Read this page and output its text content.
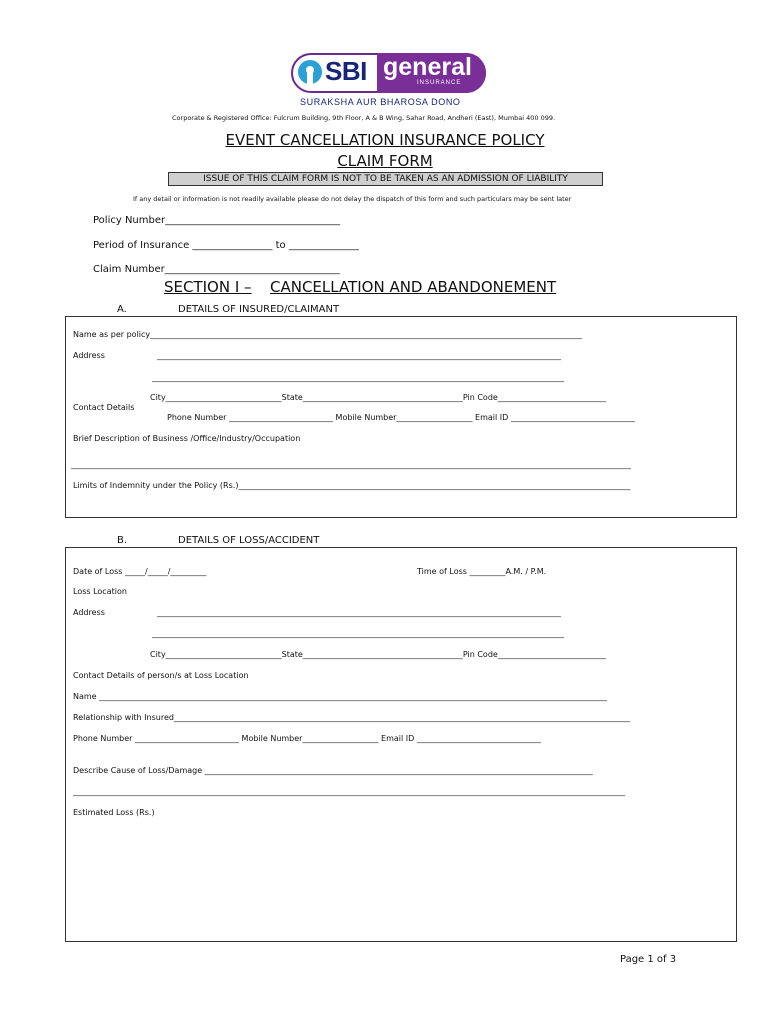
SBI general
INSURANCE
SURAKSHA AUR BHAROSA DONO
Corporate & Registered Office: Fulcrum Building, 9th Floor, A & B Wing, Sahar Road, Andheri (East), Mumbai 400 099.
EVENT CANCELLATION INSURANCE POLICY
CLAIM FORM
ISSUE OF THIS CLAIM FORM IS NOT TO BE TAKEN AS AN ADMISSION OF LIABILITY
If any detail or information is not readily available please do not delay the dispatch of this form and such particulars may be sent later
Policy Number___________________________________
Period of Insurance ________________ to ______________
Claim Number___________________________________
SECTION I – CANCELLATION AND ABANDONEMENT
A.	DETAILS OF INSURED/CLAIMANT
Name as per policy____________________________________________________________________________________________________________
Address	_____________________________________________________________________________________________________
_______________________________________________________________________________________________________
City_____________________________State________________________________________Pin Code___________________________
Contact Details
Phone Number __________________________ Mobile Number___________________ Email ID _______________________________
Brief Description of Business /Office/Industry/Occupation
____________________________________________________________________________________________________________________________________________
Limits of Indemnity under the Policy (Rs.)__________________________________________________________________________________________________
B.	DETAILS OF LOSS/ACCIDENT
Date of Loss _____/_____/_________	Time of Loss _________A.M. / P.M.
Loss Location
Address	_____________________________________________________________________________________________________
_______________________________________________________________________________________________________
City_____________________________State________________________________________Pin Code___________________________
Contact Details of person/s at Loss Location
Name _______________________________________________________________________________________________________________________________
Relationship with Insured__________________________________________________________________________________________________________________
Phone Number __________________________ Mobile Number___________________ Email ID _______________________________
Describe Cause of Loss/Damage _________________________________________________________________________________________________
__________________________________________________________________________________________________________________________________________
Estimated Loss (Rs.)
Page 1 of 3
